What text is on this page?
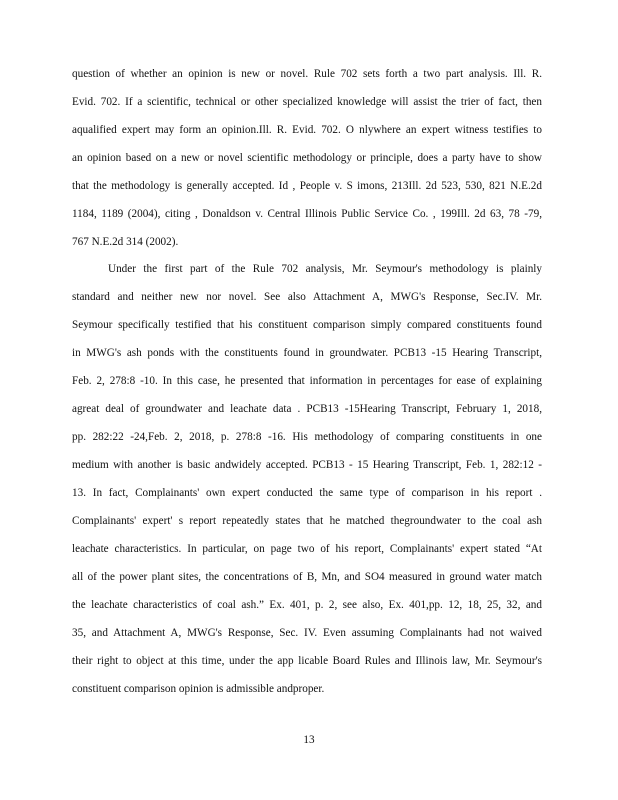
question of whether an opinion is new or novel. Rule 702 sets forth a two part analysis. Ill. R.
Evid. 702. If a scientific, technical or other specialized knowledge will assist the trier of fact, then
aqualified expert may form an opinion.Ill. R. Evid. 702. O nlywhere an expert witness testifies to
an opinion based on a new or novel scientific methodology or principle, does a party have to show
that the methodology is generally accepted. Id , People v. S imons, 213Ill. 2d 523, 530, 821 N.E.2d
1184, 1189 (2004), citing , Donaldson v. Central Illinois Public Service Co. , 199Ill. 2d 63, 78 -79,
767 N.E.2d 314 (2002).
Under the first part of the Rule 702 analysis, Mr. Seymour's methodology is plainly
standard and neither new nor novel. See also Attachment A, MWG's Response, Sec.IV. Mr.
Seymour specifically testified that his constituent comparison simply compared constituents found
in MWG's ash ponds with the constituents found in groundwater. PCB13 -15 Hearing Transcript,
Feb. 2, 278:8 -10. In this case, he presented that information in percentages for ease of explaining
agreat deal of groundwater and leachate data . PCB13 -15Hearing Transcript, February 1, 2018,
pp. 282:22 -24,Feb. 2, 2018, p. 278:8 -16. His methodology of comparing constituents in one
medium with another is basic andwidely accepted. PCB13 - 15 Hearing Transcript, Feb. 1, 282:12 -
13. In fact, Complainants' own expert conducted the same type of comparison in his report .
Complainants' expert' s report repeatedly states that he matched thegroundwater to the coal ash
leachate characteristics. In particular, on page two of his report, Complainants' expert stated “At
all of the power plant sites, the concentrations of B, Mn, and SO4 measured in ground water match
the leachate characteristics of coal ash.” Ex. 401, p. 2, see also, Ex. 401,pp. 12, 18, 25, 32, and
35, and Attachment A, MWG's Response, Sec. IV. Even assuming Complainants had not waived
their right to object at this time, under the app licable Board Rules and Illinois law, Mr. Seymour's
constituent comparison opinion is admissible andproper.
13
